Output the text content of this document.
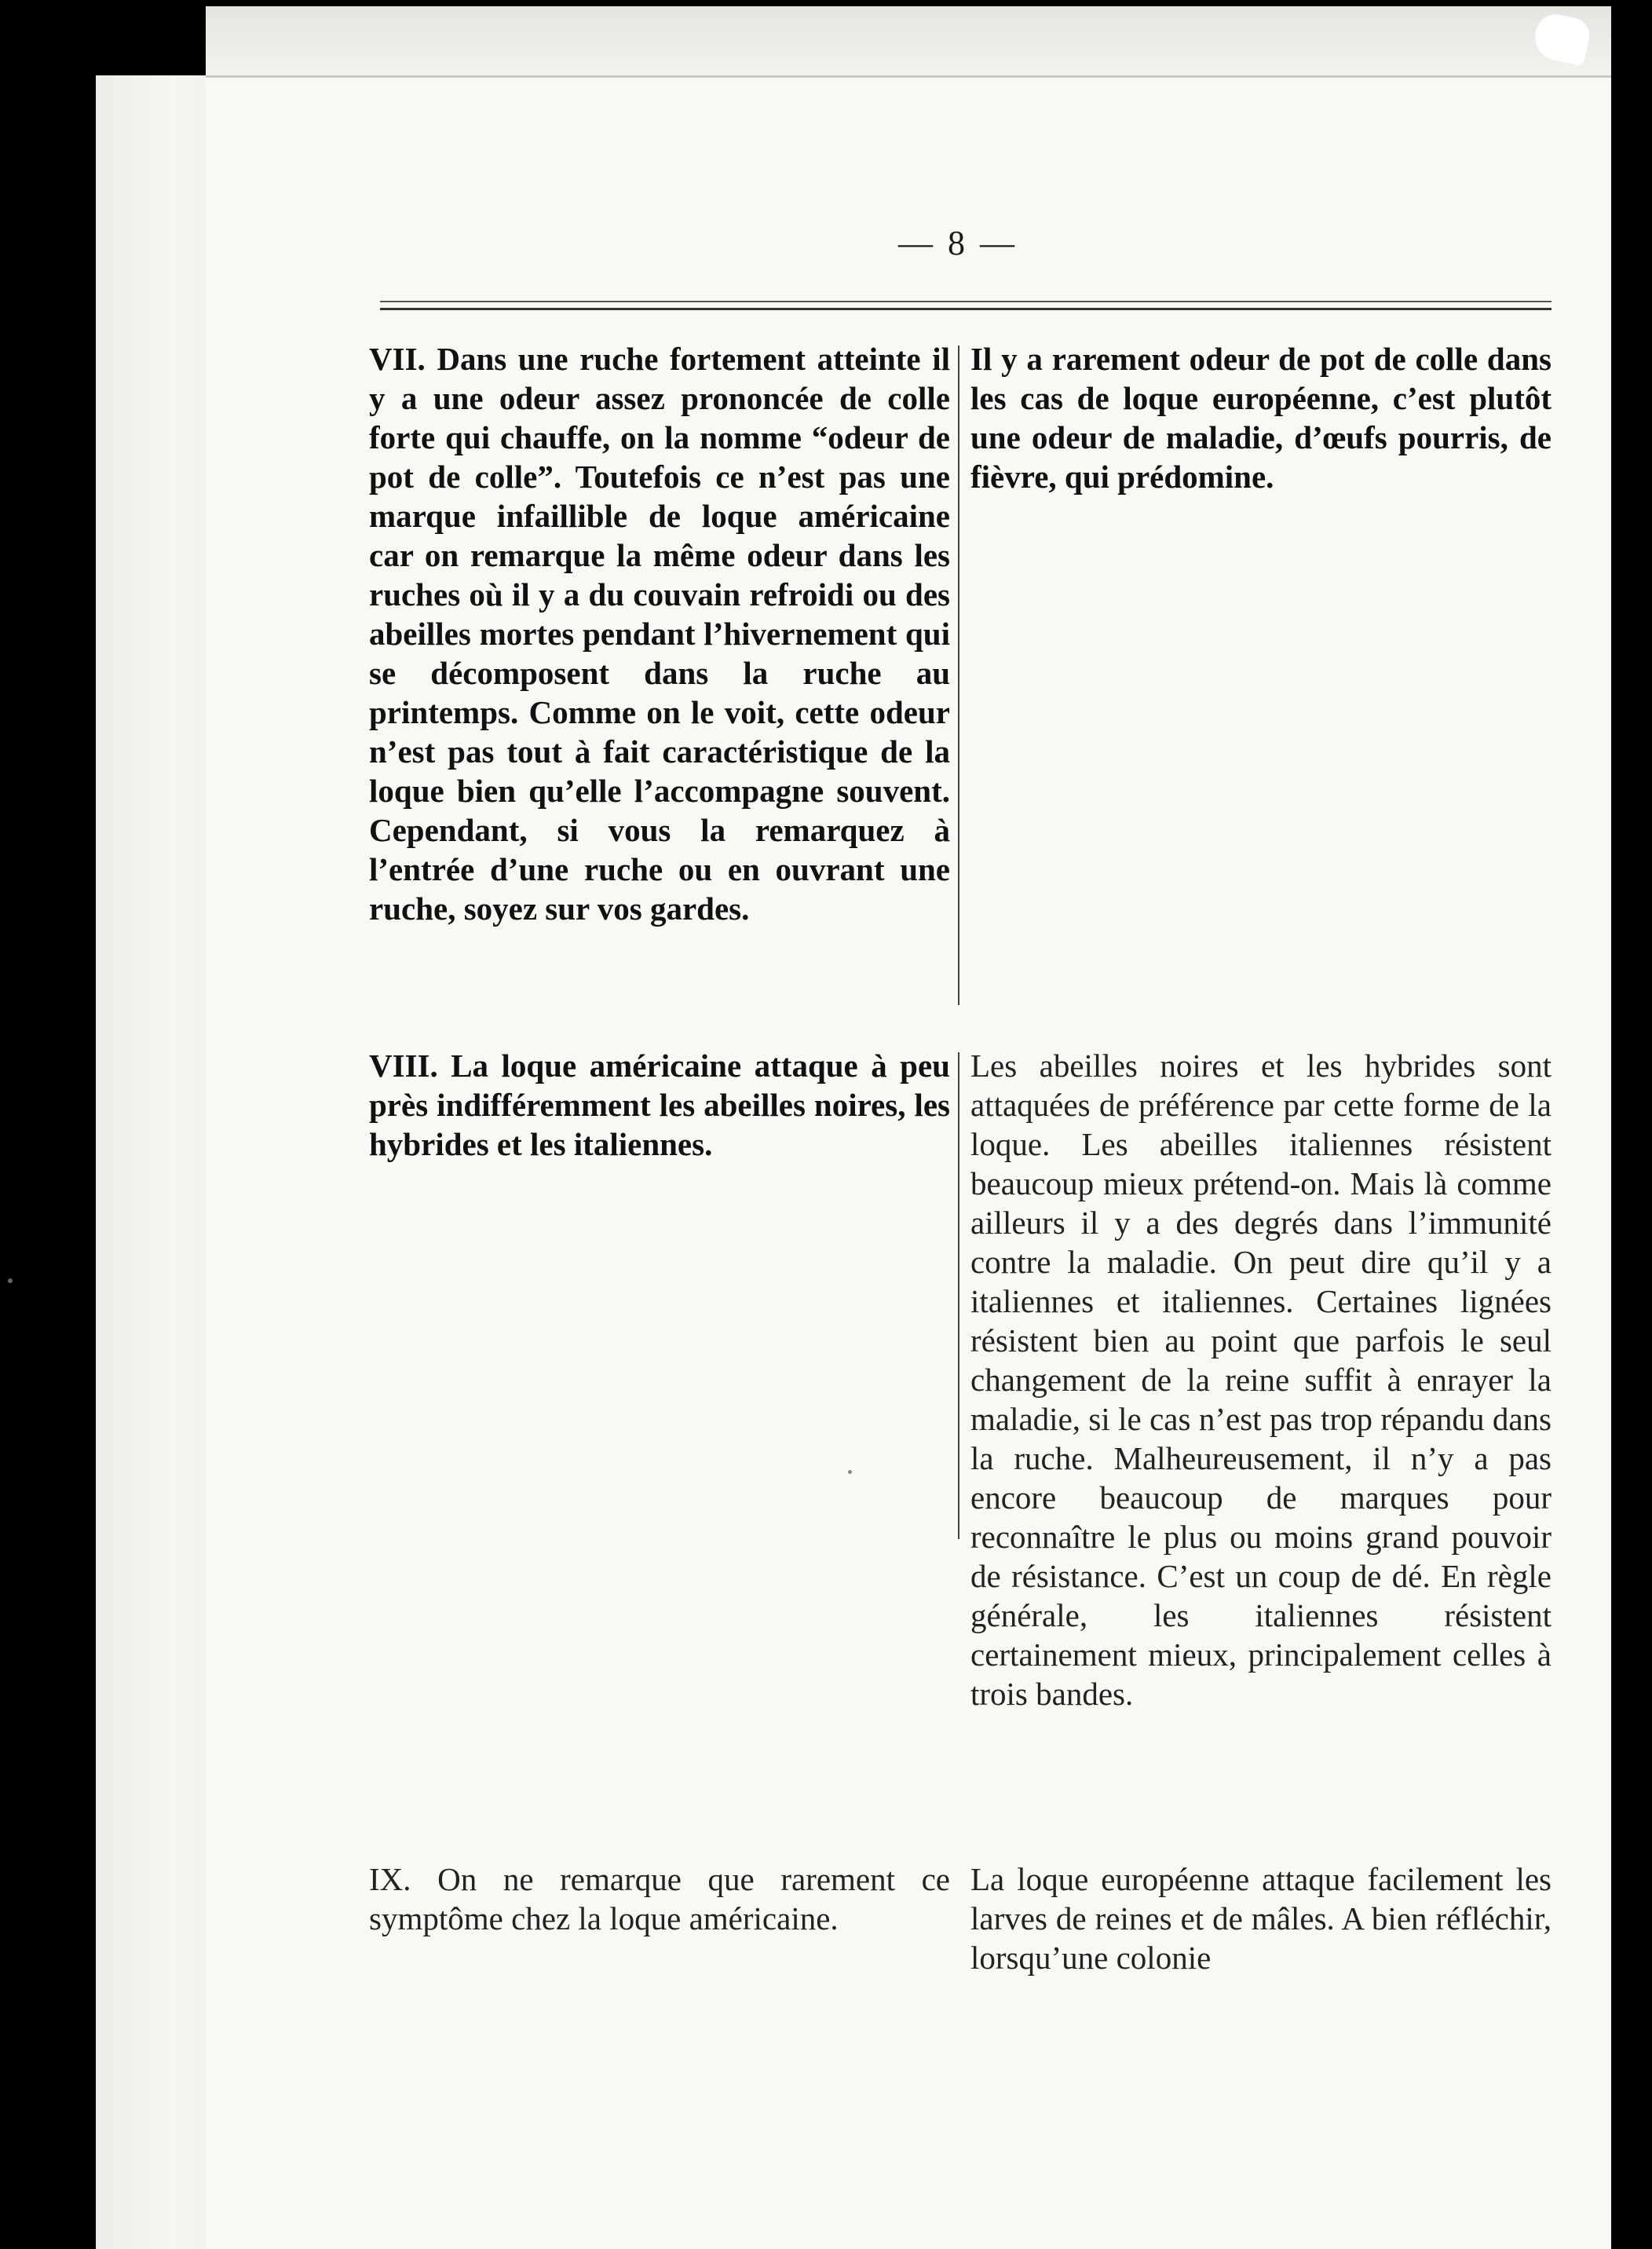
— 8 —
VII. Dans une ruche fortement atteinte il y a une odeur assez prononcée de colle forte qui chauffe, on la nomme “odeur de pot de colle”. Toutefois ce n’est pas une marque infaillible de loque américaine car on remarque la même odeur dans les ruches où il y a du couvain refroidi ou des abeilles mortes pendant l’hivernement qui se décomposent dans la ruche au printemps. Comme on le voit, cette odeur n’est pas tout à fait caractéristique de la loque bien qu’elle l’accompagne souvent. Cependant, si vous la remarquez à l’entrée d’une ruche ou en ouvrant une ruche, soyez sur vos gardes.
Il y a rarement odeur de pot de colle dans les cas de loque européenne, c’est plutôt une odeur de maladie, d’œufs pourris, de fièvre, qui prédomine.
VIII. La loque américaine attaque à peu près indifféremment les abeilles noires, les hybrides et les italiennes.
Les abeilles noires et les hybrides sont attaquées de préférence par cette forme de la loque. Les abeilles italiennes résistent beaucoup mieux prétend-on. Mais là comme ailleurs il y a des degrés dans l’immunité contre la maladie. On peut dire qu’il y a italiennes et italiennes. Certaines lignées résistent bien au point que parfois le seul changement de la reine suffit à enrayer la maladie, si le cas n’est pas trop répandu dans la ruche. Malheureusement, il n’y a pas encore beaucoup de marques pour reconnaître le plus ou moins grand pouvoir de résistance. C’est un coup de dé. En règle générale, les italiennes résistent certainement mieux, principalement celles à trois bandes.
IX. On ne remarque que rarement ce symptôme chez la loque américaine.
La loque européenne attaque facilement les larves de reines et de mâles. A bien réfléchir, lorsqu’une colonie
